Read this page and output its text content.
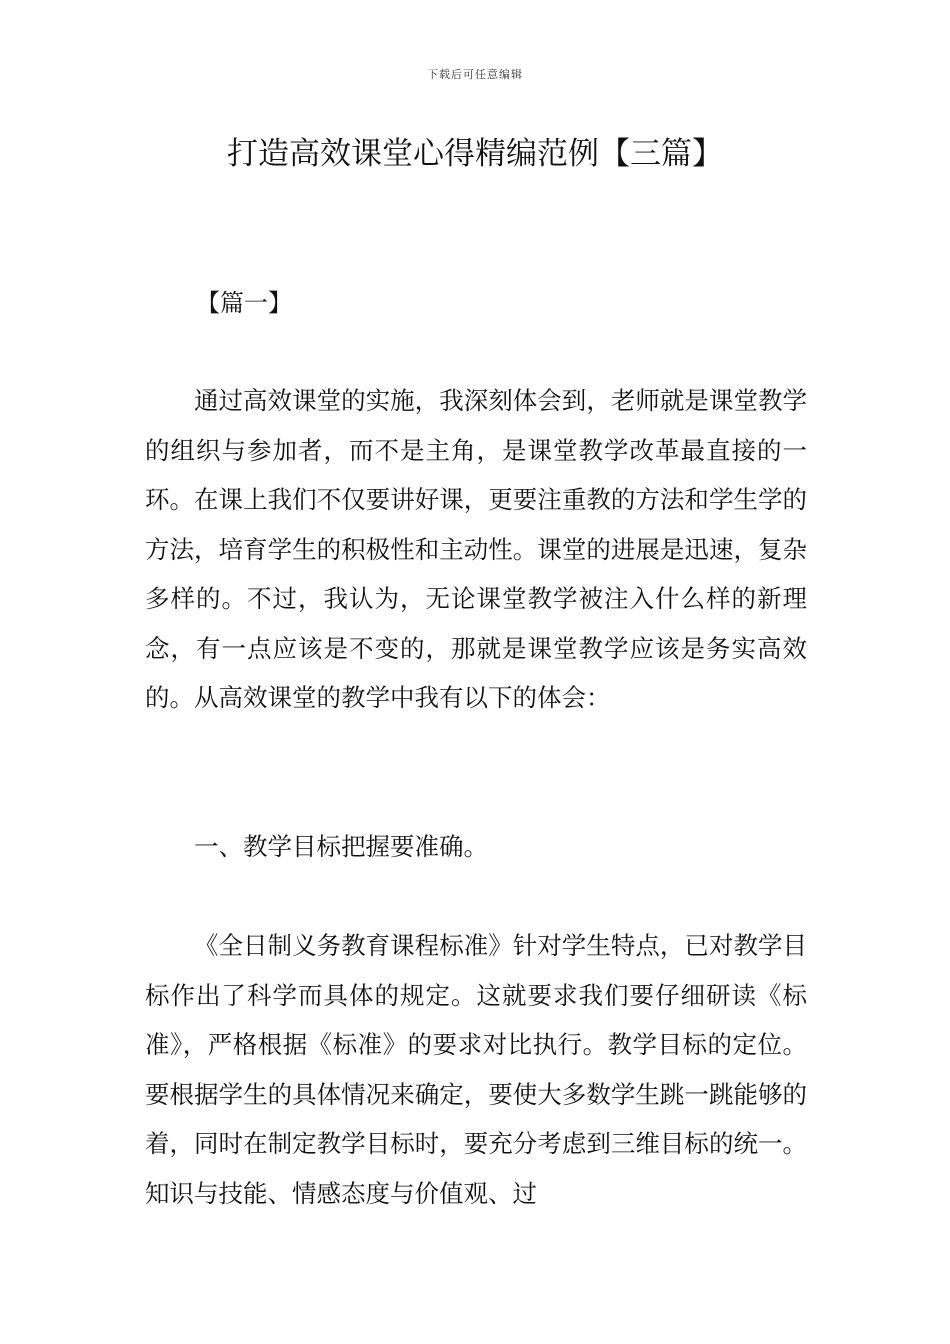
下载后可任意编辑
打造高效课堂心得精编范例【三篇】

【篇一】

通过高效课堂的实施，我深刻体会到，老师就是课堂教学的组织与参加者，而不是主角，是课堂教学改革最直接的一环。在课上我们不仅要讲好课，更要注重教的方法和学生学的方法，培育学生的积极性和主动性。课堂的进展是迅速，复杂多样的。不过，我认为，无论课堂教学被注入什么样的新理念，有一点应该是不变的，那就是课堂教学应该是务实高效的。从高效课堂的教学中我有以下的体会：

一、教学目标把握要准确。

《全日制义务教育课程标准》针对学生特点，已对教学目标作出了科学而具体的规定。这就要求我们要仔细研读《标准》，严格根据《标准》的要求对比执行。教学目标的定位。要根据学生的具体情况来确定，要使大多数学生跳一跳能够的着，同时在制定教学目标时，要充分考虑到三维目标的统一。知识与技能、情感态度与价值观、过
